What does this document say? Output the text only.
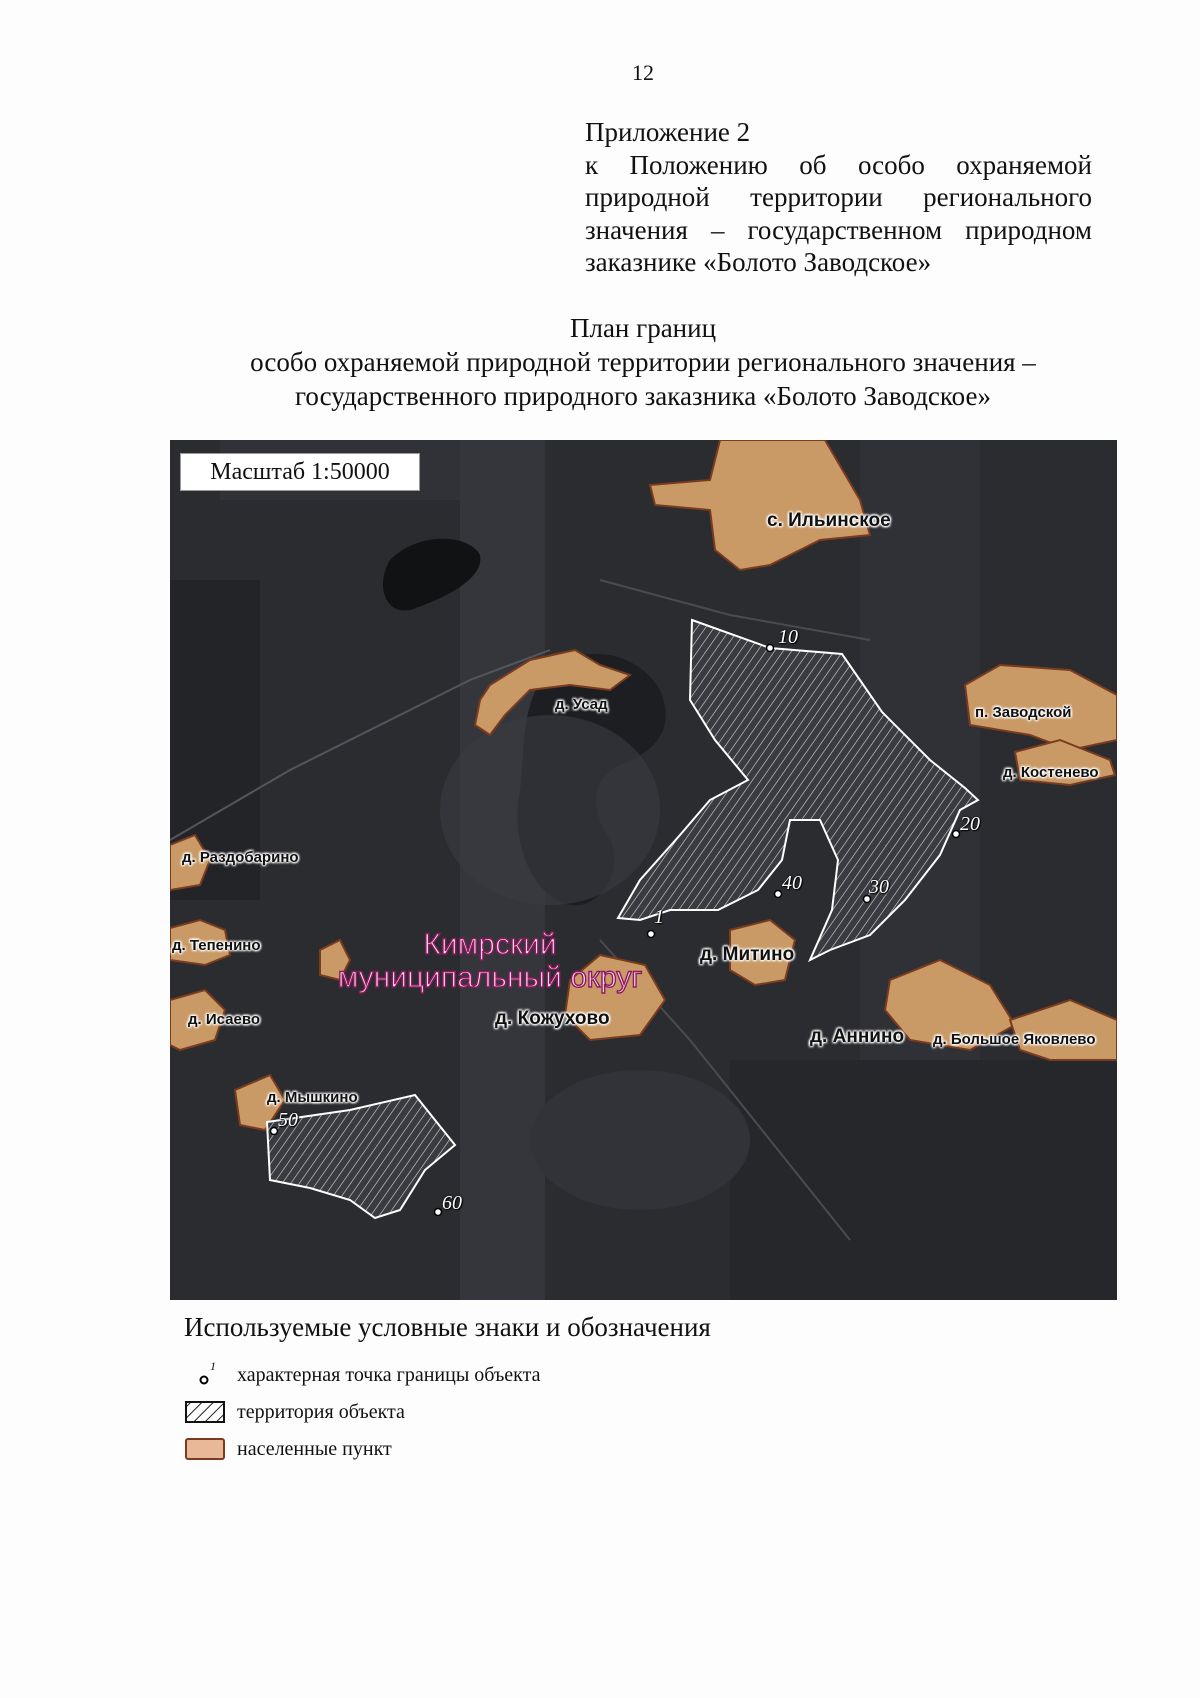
12
Приложение 2
к Положению об особо охраняемой
природной территории регионального
значения – государственном природном
заказнике «Болото Заводское»
План границ
особо охраняемой природной территории регионального значения –
государственного природного заказника «Болото Заводское»
Масштаб 1:50000
с. Ильинское
д. Усад	п. Заводской
д. Костенево
д. Раздобарино
д. Тепенино
д. Исаево
д. Митино
д. Кожухово
д. Аннино д. Большое Яковлево
д. Мышкино
10
20
30
40
1
50
60
Кимрский
муниципальный округ
Используемые условные знаки и обозначения
1 характерная точка границы объекта
территория объекта
населенные пункт
